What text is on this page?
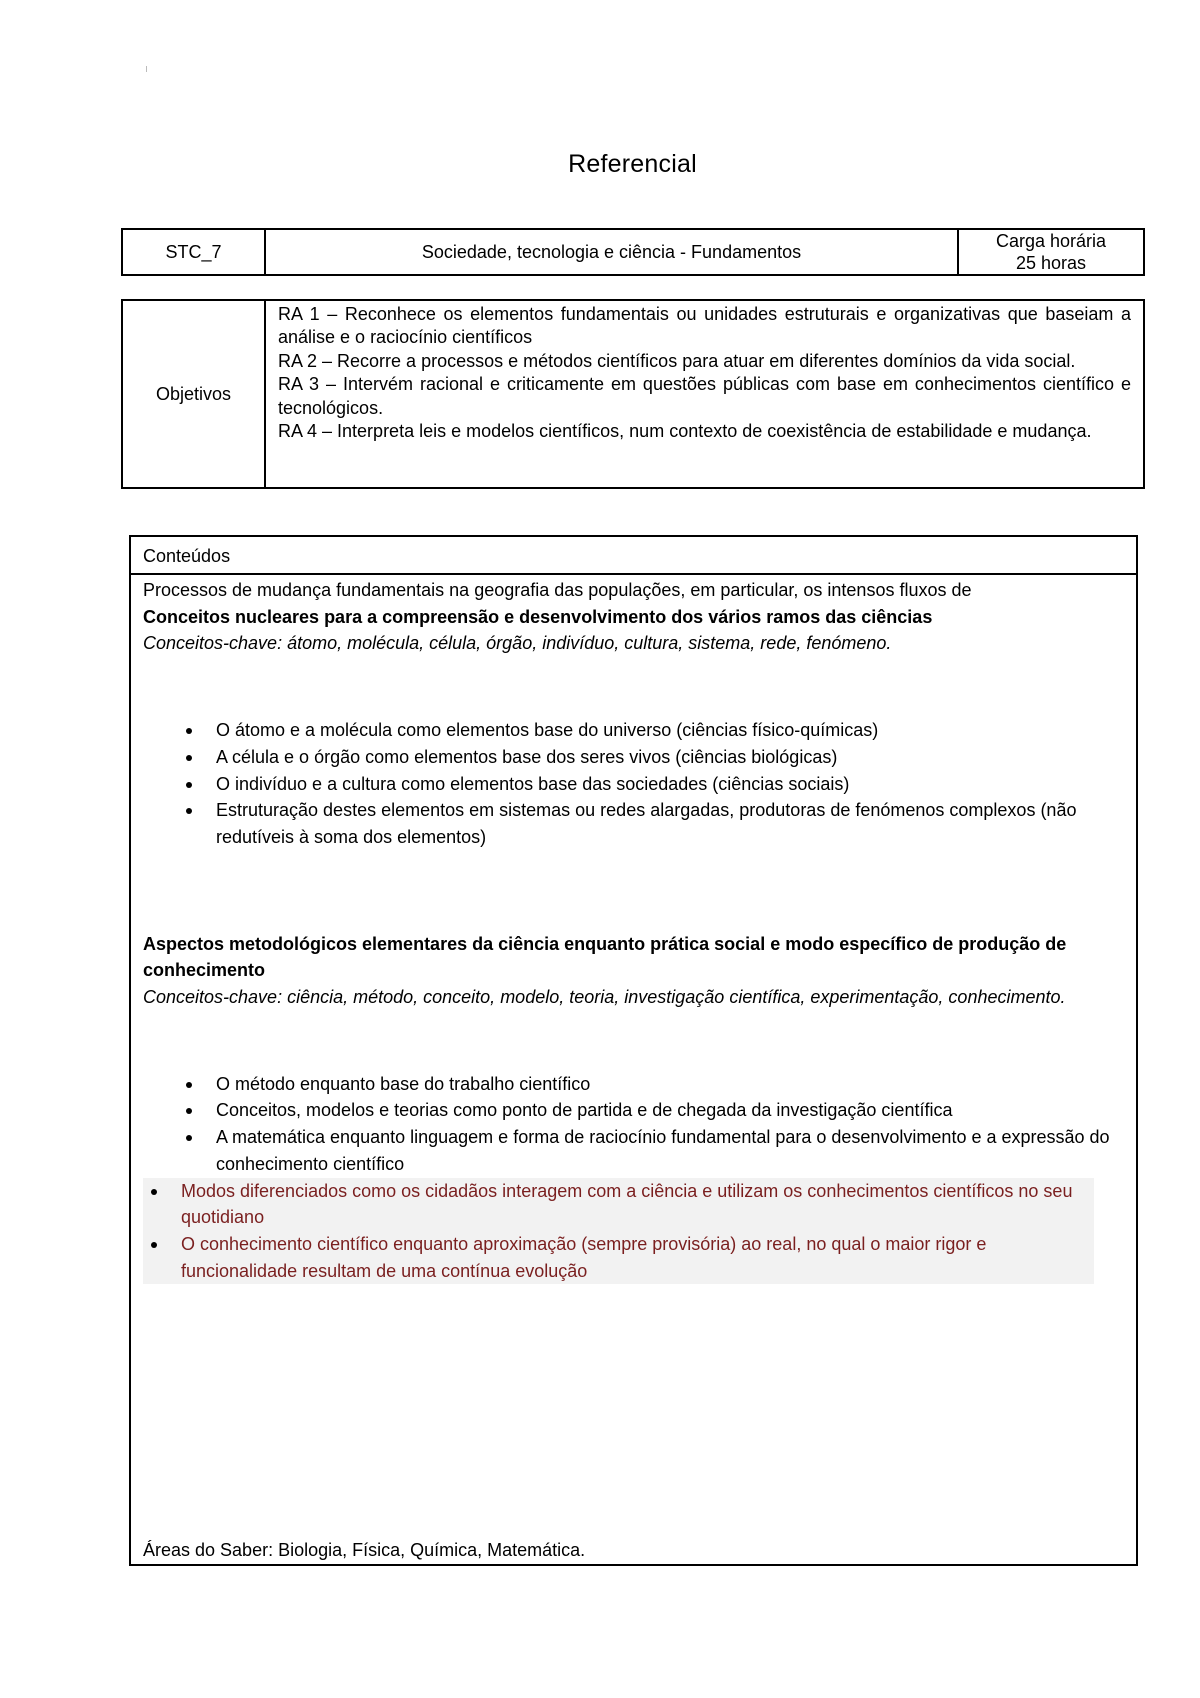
Referencial
STC_7	Sociedade, tecnologia e ciência - Fundamentos
Carga horária
25 horas
Objetivos

RA 1 – Reconhece os elementos fundamentais ou unidades estruturais e organizativas que baseiam a análise e o raciocínio científicos

RA 2 – Recorre a processos e métodos científicos para atuar em diferentes domínios da vida social.

RA 3 – Intervém racional e criticamente em questões públicas com base em conhecimentos científico e tecnológicos.

RA 4 – Interpreta leis e modelos científicos, num contexto de coexistência de estabilidade e mudança.

Conteúdos

Processos de mudança fundamentais na geografia das populações, em particular, os intensos fluxos de

Conceitos nucleares para a compreensão e desenvolvimento dos vários ramos das ciências

Conceitos-chave: átomo, molécula, célula, órgão, indivíduo, cultura, sistema, rede, fenómeno.

O átomo e a molécula como elementos base do universo (ciências físico-químicas)
A célula e o órgão como elementos base dos seres vivos (ciências biológicas)
O indivíduo e a cultura como elementos base das sociedades (ciências sociais)
Estruturação destes elementos em sistemas ou redes alargadas, produtoras de fenómenos complexos (não redutíveis à soma dos elementos)

Aspectos metodológicos elementares da ciência enquanto prática social e modo específico de produção de conhecimento

Conceitos-chave: ciência, método, conceito, modelo, teoria, investigação científica, experimentação, conhecimento.

O método enquanto base do trabalho científico
Conceitos, modelos e teorias como ponto de partida e de chegada da investigação científica
A matemática enquanto linguagem e forma de raciocínio fundamental para o desenvolvimento e a expressão do conhecimento científico
Modos diferenciados como os cidadãos interagem com a ciência e utilizam os conhecimentos científicos no seu quotidiano
O conhecimento científico enquanto aproximação (sempre provisória) ao real, no qual o maior rigor e funcionalidade resultam de uma contínua evolução
Áreas do Saber: Biologia, Física, Química, Matemática.
